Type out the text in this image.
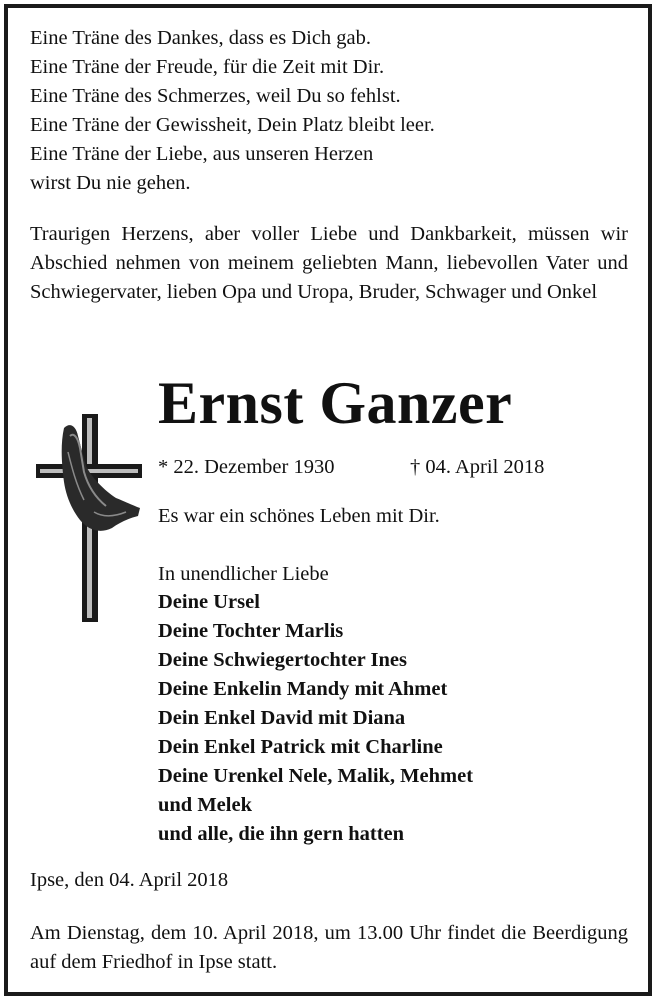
Eine Träne des Dankes, dass es Dich gab.
Eine Träne der Freude, für die Zeit mit Dir.
Eine Träne des Schmerzes, weil Du so fehlst.
Eine Träne der Gewissheit, Dein Platz bleibt leer.
Eine Träne der Liebe, aus unseren Herzen
wirst Du nie gehen.

Traurigen Herzens, aber voller Liebe und Dankbarkeit, müssen wir Abschied nehmen von meinem geliebten Mann, liebevollen Vater und Schwiegervater, lieben Opa und Uropa, Bruder, Schwager und Onkel

Ernst Ganzer
* 22. Dezember 1930	† 04. April 2018

Es war ein schönes Leben mit Dir.

In unendlicher Liebe

Deine Ursel
Deine Tochter Marlis
Deine Schwiegertochter Ines
Deine Enkelin Mandy mit Ahmet
Dein Enkel David mit Diana
Dein Enkel Patrick mit Charline
Deine Urenkel Nele, Malik, Mehmet
und Melek
und alle, die ihn gern hatten

Ipse, den 04. April 2018

Am Dienstag, dem 10. April 2018, um 13.00 Uhr findet die Beerdigung auf dem Friedhof in Ipse statt.
